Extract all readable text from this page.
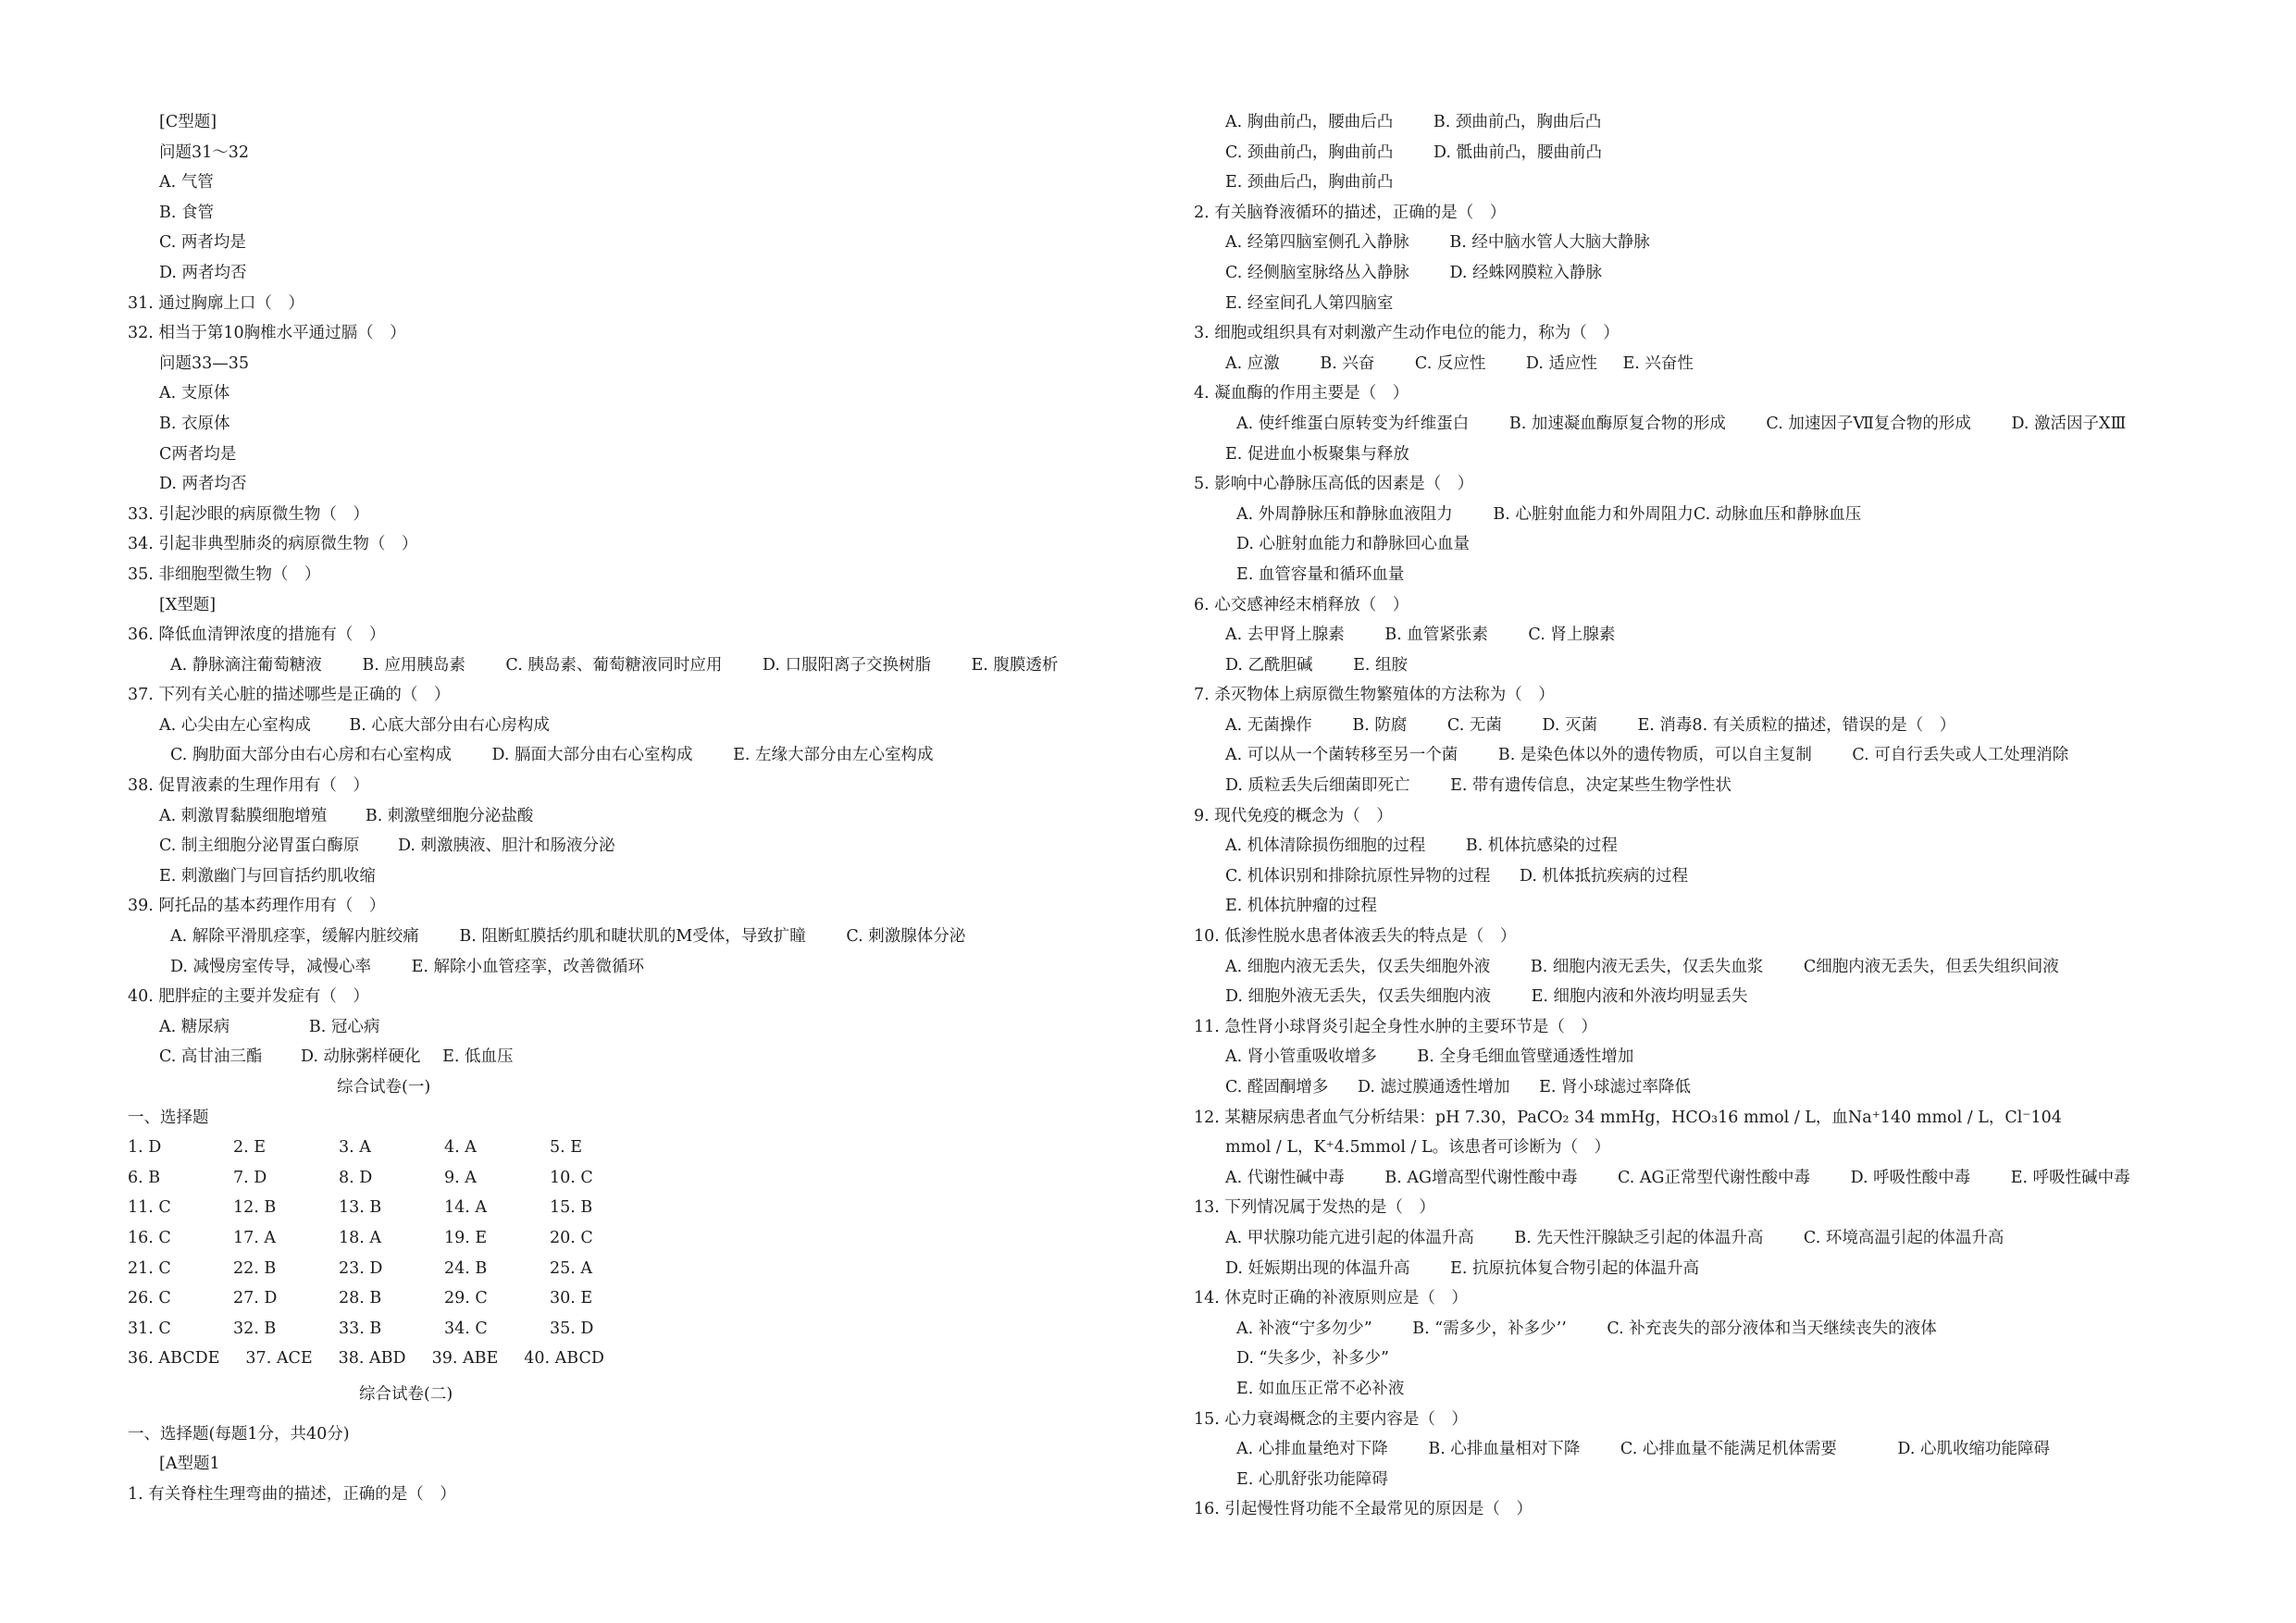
[C型题]
问题31～32
A. 气管
B. 食管
C. 两者均是
D. 两者均否
31. 通过胸廓上口（　）
32. 相当于第10胸椎水平通过膈（　）
问题33—35
A. 支原体
B. 衣原体
C两者均是
D. 两者均否
33. 引起沙眼的病原微生物（　）
34. 引起非典型肺炎的病原微生物（　）
35. 非细胞型微生物（　）
[X型题]
36. 降低血清钾浓度的措施有（　）
A. 静脉滴注葡萄糖液 B. 应用胰岛素 C. 胰岛素、葡萄糖液同时应用 D. 口服阳离子交换树脂 E. 腹膜透析
37. 下列有关心脏的描述哪些是正确的（　）
A. 心尖由左心室构成 B. 心底大部分由右心房构成
C. 胸肋面大部分由右心房和右心室构成 D. 膈面大部分由右心室构成 E. 左缘大部分由左心室构成
38. 促胃液素的生理作用有（　）
A. 刺激胃黏膜细胞增殖 B. 刺激壁细胞分泌盐酸
C. 制主细胞分泌胃蛋白酶原 D. 刺激胰液、胆汁和肠液分泌
E. 刺激幽门与回盲括约肌收缩
39. 阿托品的基本药理作用有（　）
A. 解除平滑肌痉挛，缓解内脏绞痛 B. 阻断虹膜括约肌和睫状肌的M受体，导致扩瞳 C. 刺激腺体分泌
D. 减慢房室传导，减慢心率 E. 解除小血管痉挛，改善微循环
40. 肥胖症的主要并发症有（　）
A. 糖尿病	B. 冠心病
C. 高甘油三酯 D. 动脉粥样硬化 E. 低血压
综合试卷(一)
一、选择题
1. D	2. E	3. A	4. A	5. E
6. B	7. D	8. D	9. A	10. C
11. C	12. B	13. B	14. A	15. B
16. C	17. A	18. A	19. E	20. C
21. C	22. B	23. D	24. B	25. A
26. C	27. D	28. B	29. C	30. E
31. C	32. B	33. B	34. C	35. D
36. ABCDE 37. ACE 38. ABD 39. ABE 40. ABCD
综合试卷(二)
一、选择题(每题1分，共40分)
[A型题1
1. 有关脊柱生理弯曲的描述，正确的是（　）
A. 胸曲前凸，腰曲后凸 B. 颈曲前凸，胸曲后凸
C. 颈曲前凸，胸曲前凸 D. 骶曲前凸，腰曲前凸
E. 颈曲后凸，胸曲前凸
2. 有关脑脊液循环的描述，正确的是（　）
A. 经第四脑室侧孔入静脉 B. 经中脑水管人大脑大静脉
C. 经侧脑室脉络丛入静脉 D. 经蛛网膜粒入静脉
E. 经室间孔人第四脑室
3. 细胞或组织具有对刺激产生动作电位的能力，称为（　）
A. 应激 B. 兴奋 C. 反应性 D. 适应性 E. 兴奋性
4. 凝血酶的作用主要是（　）
A. 使纤维蛋白原转变为纤维蛋白 B. 加速凝血酶原复合物的形成 C. 加速因子Ⅶ复合物的形成 D. 激活因子ⅩⅢ
E. 促进血小板聚集与释放
5. 影响中心静脉压高低的因素是（　）
A. 外周静脉压和静脉血液阻力 B. 心脏射血能力和外周阻力C. 动脉血压和静脉血压
D. 心脏射血能力和静脉回心血量
E. 血管容量和循环血量
6. 心交感神经末梢释放（　）
A. 去甲肾上腺素 B. 血管紧张素 C. 肾上腺素
D. 乙酰胆碱 E. 组胺
7. 杀灭物体上病原微生物繁殖体的方法称为（　）
A. 无菌操作 B. 防腐 C. 无菌 D. 灭菌 E. 消毒8. 有关质粒的描述，错误的是（　）
A. 可以从一个菌转移至另一个菌 B. 是染色体以外的遗传物质，可以自主复制 C. 可自行丢失或人工处理消除
D. 质粒丢失后细菌即死亡 E. 带有遗传信息，决定某些生物学性状
9. 现代免疫的概念为（　）
A. 机体清除损伤细胞的过程 B. 机体抗感染的过程
C. 机体识别和排除抗原性异物的过程 D. 机体抵抗疾病的过程
E. 机体抗肿瘤的过程
10. 低渗性脱水患者体液丢失的特点是（　）
A. 细胞内液无丢失，仅丢失细胞外液 B. 细胞内液无丢失，仅丢失血浆 C细胞内液无丢失，但丢失组织间液
D. 细胞外液无丢失，仅丢失细胞内液 E. 细胞内液和外液均明显丢失
11. 急性肾小球肾炎引起全身性水肿的主要环节是（　）
A. 肾小管重吸收增多 B. 全身毛细血管壁通透性增加
C. 醛固酮增多 D. 滤过膜通透性增加 E. 肾小球滤过率降低
12. 某糖尿病患者血气分析结果：pH 7.30，PaCO₂ 34 mmHg，HCO₃16 mmol / L，血Na⁺140 mmol / L，Cl⁻104
mmol / L，K⁺4.5mmol / L。该患者可诊断为（　）
A. 代谢性碱中毒 B. AG增高型代谢性酸中毒 C. AG正常型代谢性酸中毒 D. 呼吸性酸中毒 E. 呼吸性碱中毒
13. 下列情况属于发热的是（　）
A. 甲状腺功能亢进引起的体温升高 B. 先天性汗腺缺乏引起的体温升高 C. 环境高温引起的体温升高
D. 妊娠期出现的体温升高 E. 抗原抗体复合物引起的体温升高
14. 休克时正确的补液原则应是（　）
A. 补液“宁多勿少” B. “需多少，补多少’’ C. 补充丧失的部分液体和当天继续丧失的液体
D. “失多少，补多少”
E. 如血压正常不必补液
15. 心力衰竭概念的主要内容是（　）
A. 心排血量绝对下降 B. 心排血量相对下降 C. 心排血量不能满足机体需要	D. 心肌收缩功能障碍
E. 心肌舒张功能障碍
16. 引起慢性肾功能不全最常见的原因是（　）
